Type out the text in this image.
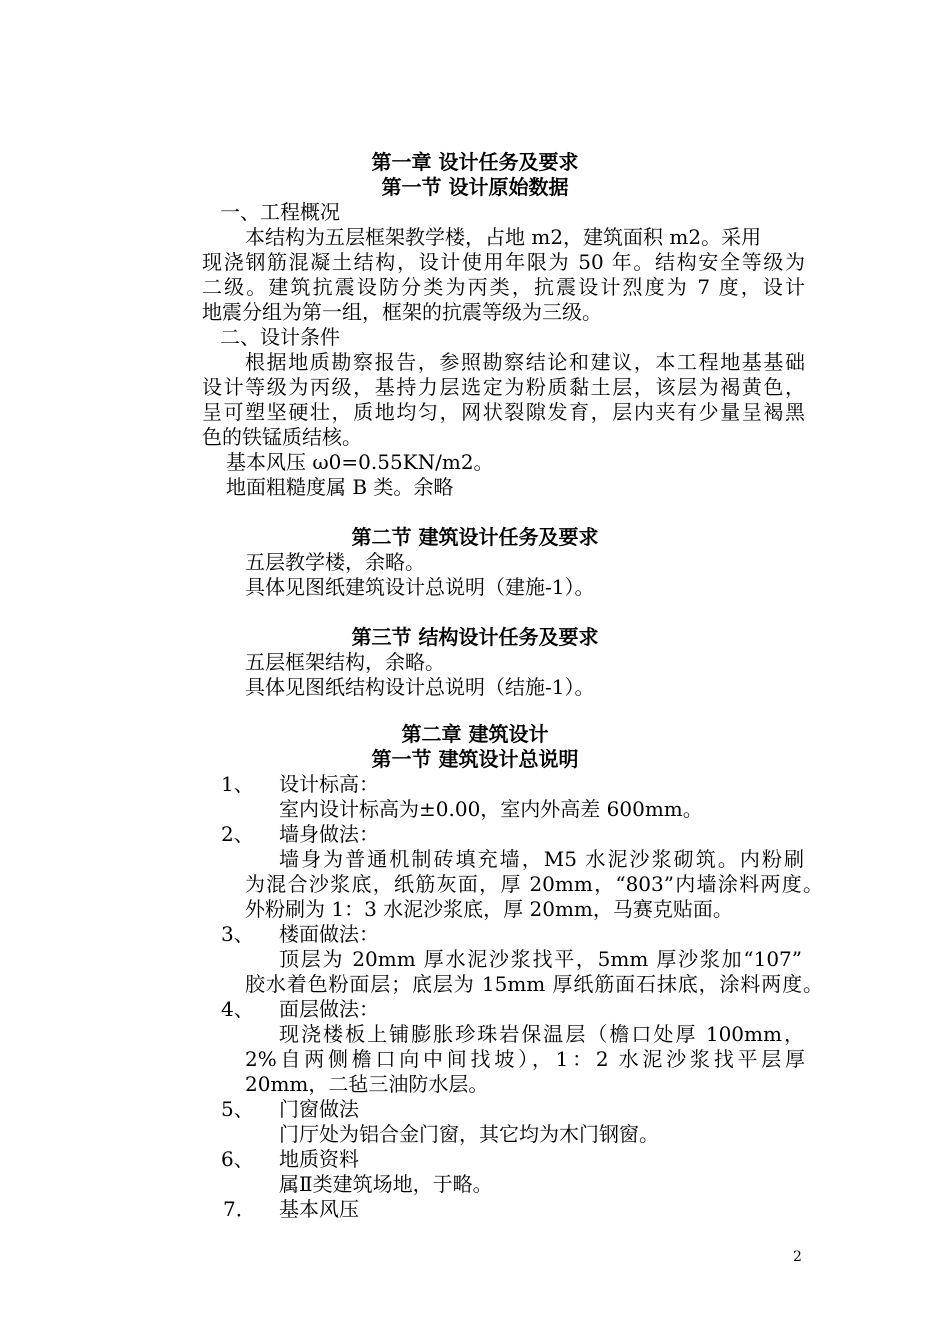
第一章 设计任务及要求
第一节 设计原始数据
一、工程概况
本结构为五层框架教学楼，占地 m2，建筑面积 m2。采用
现浇钢筋混凝土结构，设计使用年限为 50 年。结构安全等级为
二级。建筑抗震设防分类为丙类，抗震设计烈度为 7 度，设计
地震分组为第一组，框架的抗震等级为三级。
二、设计条件
根据地质勘察报告，参照勘察结论和建议，本工程地基基础
设计等级为丙级，基持力层选定为粉质黏土层，该层为褐黄色，
呈可塑坚硬壮，质地均匀，网状裂隙发育，层内夹有少量呈褐黑
色的铁锰质结核。
基本风压 ω0=0.55KN/m2。
地面粗糙度属 B 类。余略
第二节 建筑设计任务及要求
五层教学楼，余略。
具体见图纸建筑设计总说明（建施-1）。
第三节 结构设计任务及要求
五层框架结构，余略。
具体见图纸结构设计总说明（结施-1）。
第二章 建筑设计
第一节 建筑设计总说明
1、 设计标高：
室内设计标高为±0.00，室内外高差 600mm。
2、 墙身做法：
墙身为普通机制砖填充墙，M5 水泥沙浆砌筑。内粉刷
为混合沙浆底，纸筋灰面，厚 20mm，“803”内墙涂料两度。
外粉刷为 1：3 水泥沙浆底，厚 20mm，马赛克贴面。
3、 楼面做法：
顶层为 20mm 厚水泥沙浆找平，5mm 厚沙浆加“107”
胶水着色粉面层；底层为 15mm 厚纸筋面石抹底，涂料两度。
4、 面层做法：
现浇楼板上铺膨胀珍珠岩保温层（檐口处厚 100mm，
2%自两侧檐口向中间找坡），1：2 水泥沙浆找平层厚
20mm，二毡三油防水层。
5、 门窗做法
门厅处为铝合金门窗，其它均为木门钢窗。
6、 地质资料
属Ⅱ类建筑场地，于略。
7． 基本风压
2
